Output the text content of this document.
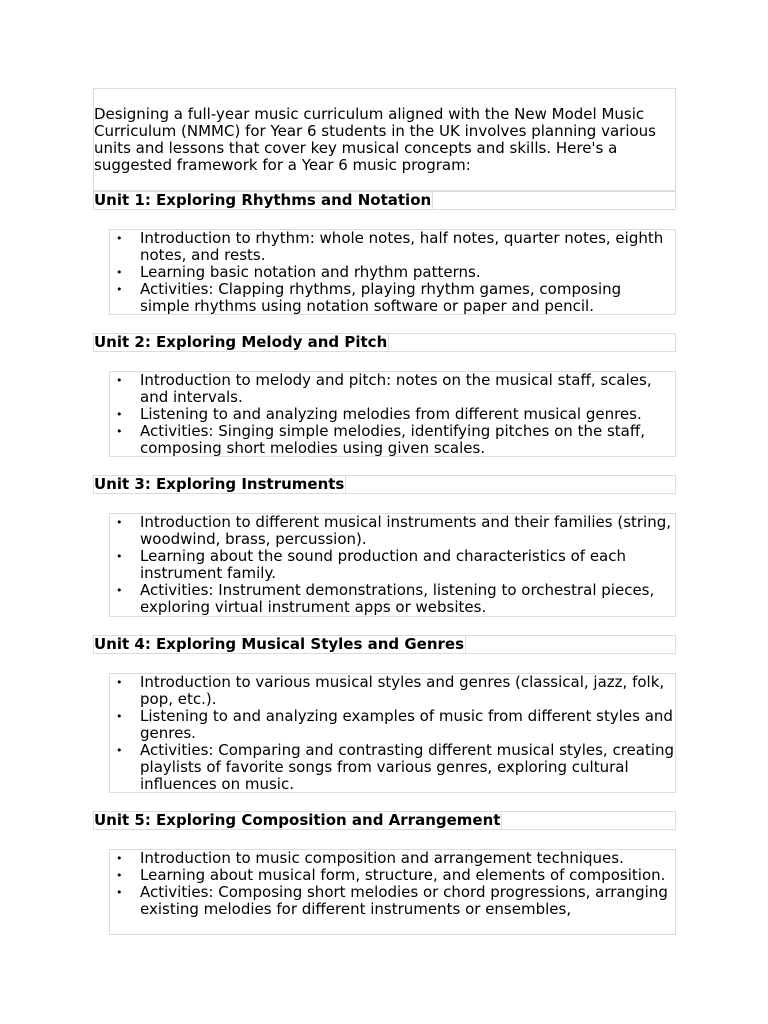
Designing a full-year music curriculum aligned with the New Model Music Curriculum (NMMC) for Year 6 students in the UK involves planning various units and lessons that cover key musical concepts and skills. Here's a suggested framework for a Year 6 music program:

Unit 1: Exploring Rhythms and Notation
• Introduction to rhythm: whole notes, half notes, quarter notes, eighth notes, and rests.
• Learning basic notation and rhythm patterns.
• Activities: Clapping rhythms, playing rhythm games, composing simple rhythms using notation software or paper and pencil.
Unit 2: Exploring Melody and Pitch
• Introduction to melody and pitch: notes on the musical staff, scales, and intervals.
• Listening to and analyzing melodies from different musical genres.
• Activities: Singing simple melodies, identifying pitches on the staff, composing short melodies using given scales.
Unit 3: Exploring Instruments
• Introduction to different musical instruments and their families (string, woodwind, brass, percussion).
• Learning about the sound production and characteristics of each instrument family.
• Activities: Instrument demonstrations, listening to orchestral pieces, exploring virtual instrument apps or websites.
Unit 4: Exploring Musical Styles and Genres
• Introduction to various musical styles and genres (classical, jazz, folk, pop, etc.).
• Listening to and analyzing examples of music from different styles and genres.
• Activities: Comparing and contrasting different musical styles, creating playlists of favorite songs from various genres, exploring cultural influences on music.
Unit 5: Exploring Composition and Arrangement
• Introduction to music composition and arrangement techniques.
• Learning about musical form, structure, and elements of composition.
• Activities: Composing short melodies or chord progressions, arranging existing melodies for different instruments or ensembles,
